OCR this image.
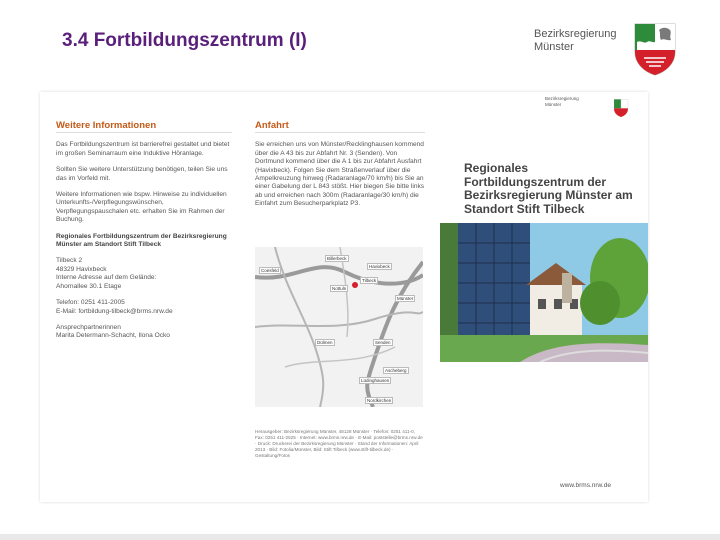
3.4 Fortbildungszentrum (I)	Bezirksregierung
Münster
Weitere Informationen
Das Fortbildungszentrum ist barrierefrei gestaltet und bietet im großen Seminarraum eine Induktive Höranlage.
Sollten Sie weitere Unterstützung benötigen, teilen Sie uns das im Vorfeld mit.
Weitere Informationen wie bspw. Hinweise zu individuellen Unterkunfts-/Verpflegungswünschen, Verpflegungspauschalen etc. erhalten Sie im Rahmen der Buchung.
Regionales Fortbildungszentrum der Bezirksregierung Münster am Standort Stift Tilbeck
Tilbeck 2
48329 Havixbeck
Interne Adresse auf dem Gelände:
Ahornallee 30.1 Etage
Telefon: 0251 411-2005
E-Mail: fortbildung-tilbeck@brms.nrw.de
Ansprechpartnerinnen
Marita Determann-Schacht, Ilona Ocko
Anfahrt
Sie erreichen uns von Münster/Recklinghausen kommend über die A 43 bis zur Abfahrt Nr. 3 (Senden). Von Dortmund kommend über die A 1 bis zur Abfahrt Ausfahrt (Havixbeck). Folgen Sie dem Straßenverlauf über die Ampelkreuzung hinweg (Radaranlage/70 km/h) bis Sie an einer Gabelung der L 843 stößt. Hier biegen Sie bitte links ab und erreichen nach 300m (Radaranlage/30 km/h) die Einfahrt zum Besucherparkplatz P3.
Coesfeld
Billerbeck
Havixbeck
Tilbeck
Nottuln
Münster
Dülmen	Senden
Ascheberg
Lüdinghausen
Nordkirchen
Herausgeber: Bezirksregierung Münster, 48128 Münster · Telefon: 0251 411-0, Fax: 0251 411-2525 · Internet: www.brms.nrw.de · E-Mail: poststelle@brms.nrw.de · Druck: Druckerei der Bezirksregierung Münster · Stand der Informationen: April 2013 · Bild: Fotolia/Münster, Bild: Stift Tilbeck (www.stift-tilbeck.de) · Gestaltung/Fotos
Bezirksregierung
Münster
Regionales Fortbildungszentrum der Bezirksregierung Münster am Standort Stift Tilbeck
www.brms.nrw.de
